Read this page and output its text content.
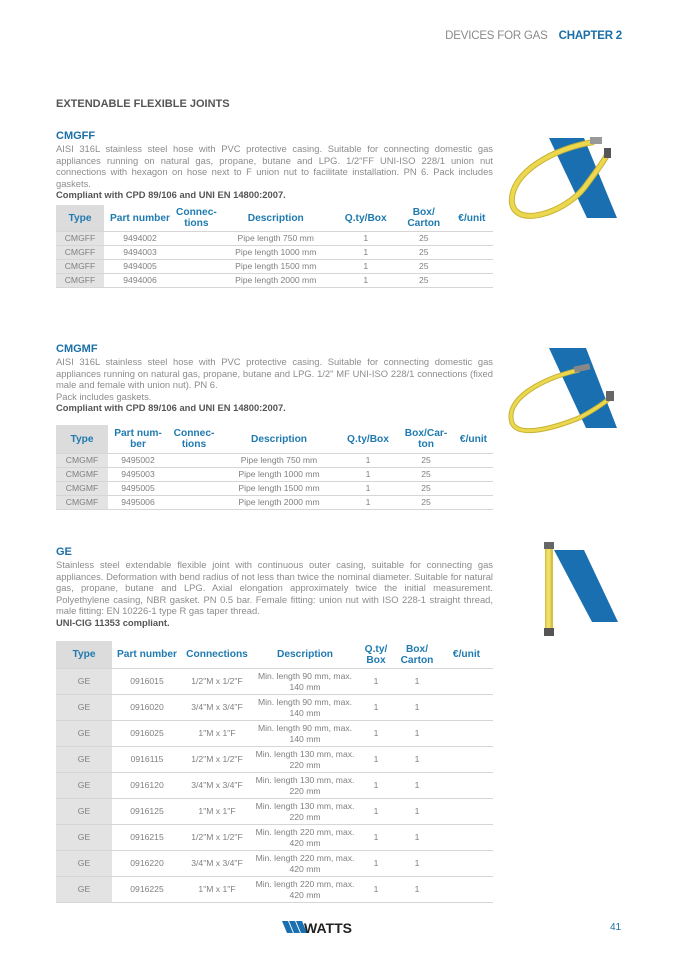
DEVICES FOR GAS CHAPTER 2
EXTENDABLE FLEXIBLE JOINTS
CMGFF

AISI 316L stainless steel hose with PVC protective casing. Suitable for connecting domestic gas appliances running on natural gas, propane, butane and LPG. 1/2"FF UNI-ISO 228/1 union nut connections with hexagon on hose next to F union nut to facilitate installation. PN 6. Pack includes gaskets.

Compliant with CPD 89/106 and UNI EN 14800:2007.
Type	Part number	Connec-
tions	Description	Q.ty/Box	Box/
Carton	€/unit
CMGFF	9494002		Pipe length 750 mm	1	25	
CMGFF	9494003		Pipe length 1000 mm	1	25	
CMGFF	9494005		Pipe length 1500 mm	1	25	
CMGFF	9494006		Pipe length 2000 mm	1	25	
CMGMF

AISI 316L stainless steel hose with PVC protective casing. Suitable for connecting domestic gas appliances running on natural gas, propane, butane and LPG. 1/2" MF UNI-ISO 228/1 connections (fixed male and female with union nut). PN 6.

Pack includes gaskets.

Compliant with CPD 89/106 and UNI EN 14800:2007.
Type	Part num-
ber	Connec-
tions	Description	Q.ty/Box	Box/Car-
ton	€/unit
CMGMF	9495002		Pipe length 750 mm	1	25	
CMGMF	9495003		Pipe length 1000 mm	1	25	
CMGMF	9495005		Pipe length 1500 mm	1	25	
CMGMF	9495006		Pipe length 2000 mm	1	25	
GE

Stainless steel extendable flexible joint with continuous outer casing, suitable for connecting gas appliances. Deformation with bend radius of not less than twice the nominal diameter. Suitable for natural gas, propane, butane and LPG. Axial elongation approximately twice the initial measurement. Polyethylene casing, NBR gasket. PN 0.5 bar. Female fitting: union nut with ISO 228-1 straight thread, male fitting: EN 10226-1 type R gas taper thread.

UNI-CIG 11353 compliant.
Type	Part number	Connections	Description	Q.ty/
Box	Box/
Carton	€/unit
GE	0916015	1/2"M x 1/2"F	Min. length 90 mm, max. 140 mm	1	1	
GE	0916020	3/4"M x 3/4"F	Min. length 90 mm, max. 140 mm	1	1	
GE	0916025	1"M x 1"F	Min. length 90 mm, max. 140 mm	1	1	
GE	0916115	1/2"M x 1/2"F	Min. length 130 mm, max. 220 mm	1	1	
GE	0916120	3/4"M x 3/4"F	Min. length 130 mm, max. 220 mm	1	1	
GE	0916125	1"M x 1"F	Min. length 130 mm, max. 220 mm	1	1	
GE	0916215	1/2"M x 1/2"F	Min. length 220 mm, max. 420 mm	1	1	
GE	0916220	3/4"M x 3/4"F	Min. length 220 mm, max. 420 mm	1	1	
GE	0916225	1"M x 1"F	Min. length 220 mm, max. 420 mm	1	1	
WATTS	41
